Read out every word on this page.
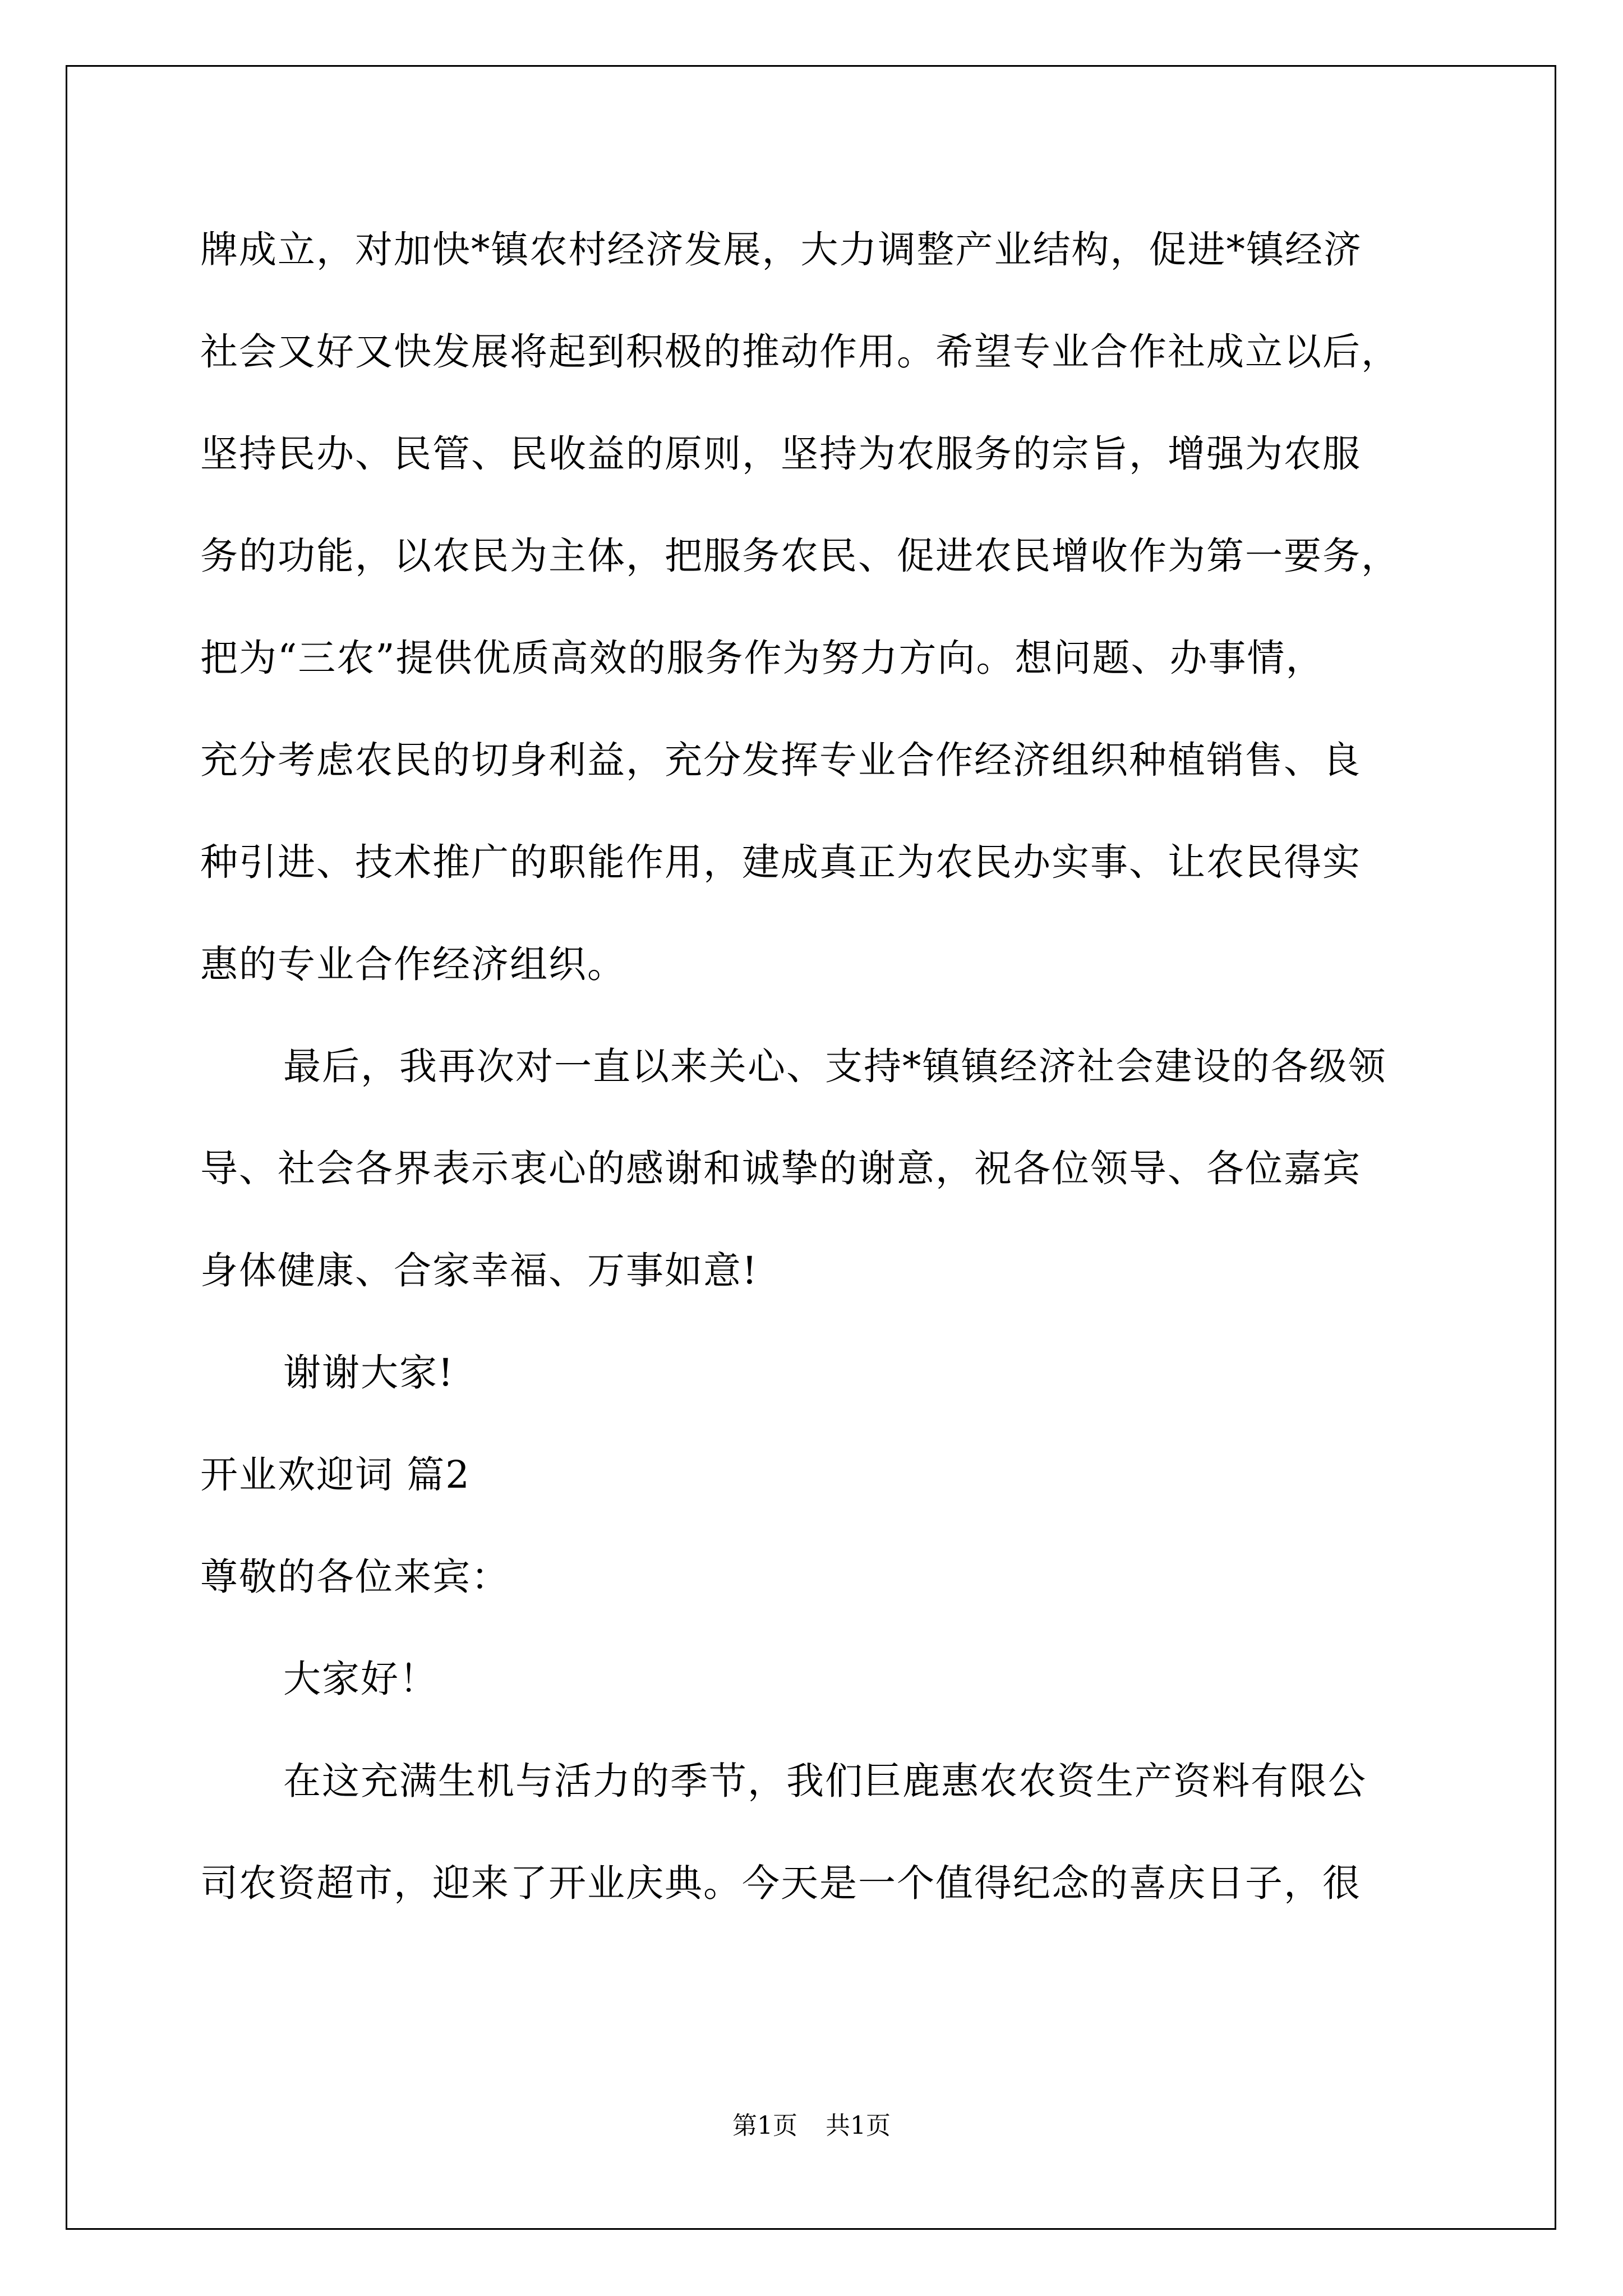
牌成立，对加快*镇农村经济发展，大力调整产业结构，促进*镇经济

社会又好又快发展将起到积极的推动作用。希望专业合作社成立以后，

坚持民办、民管、民收益的原则，坚持为农服务的宗旨，增强为农服

务的功能，以农民为主体，把服务农民、促进农民增收作为第一要务，

把为“三农”提供优质高效的服务作为努力方向。想问题、办事情，

充分考虑农民的切身利益，充分发挥专业合作经济组织种植销售、良

种引进、技术推广的职能作用，建成真正为农民办实事、让农民得实

惠的专业合作经济组织。

最后，我再次对一直以来关心、支持*镇镇经济社会建设的各级领

导、社会各界表示衷心的感谢和诚挚的谢意，祝各位领导、各位嘉宾

身体健康、合家幸福、万事如意!

谢谢大家!

开业欢迎词 篇2

尊敬的各位来宾：

大家好！

在这充满生机与活力的季节，我们巨鹿惠农农资生产资料有限公

司农资超市，迎来了开业庆典。今天是一个值得纪念的喜庆日子，很

第1页 共1页
